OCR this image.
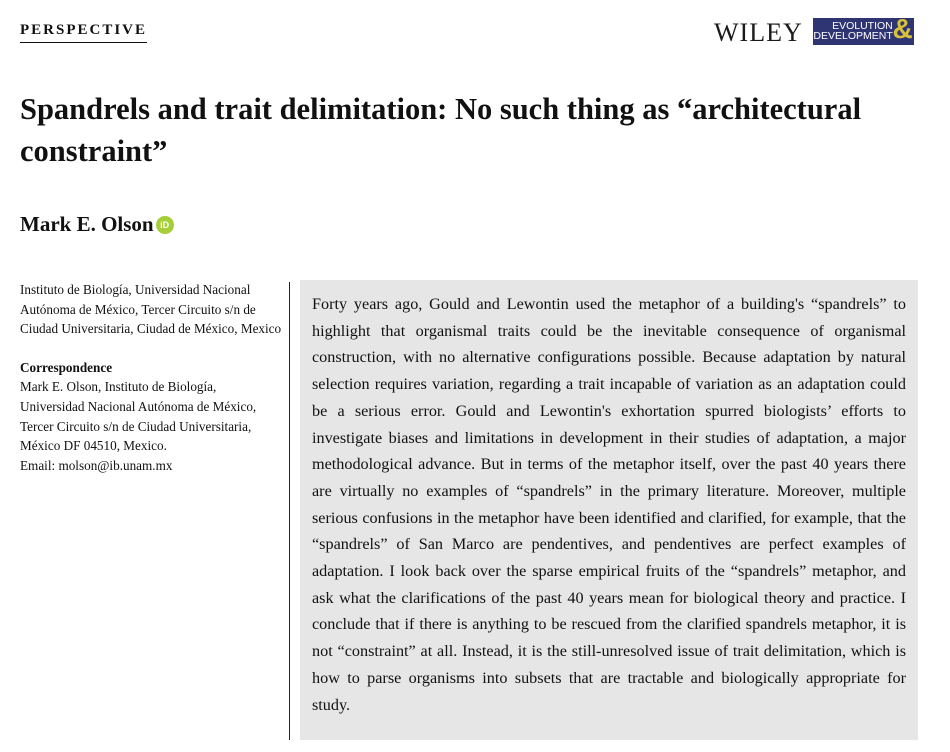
PERSPECTIVE	WILEY	EVOLUTION
DEVELOPMENT &
Spandrels and trait delimitation: No such thing as “architectural constraint”
Mark E. Olson iD

Instituto de Biología, Universidad Nacional Autónoma de México, Tercer Circuito s/n de Ciudad Universitaria, Ciudad de México, Mexico

Correspondence

Mark E. Olson, Instituto de Biología, Universidad Nacional Autónoma de México, Tercer Circuito s/n de Ciudad Universitaria, México DF 04510, Mexico.

Email: molson@ib.unam.mx

Forty years ago, Gould and Lewontin used the metaphor of a building's “spandrels” to highlight that organismal traits could be the inevitable consequence of organismal construction, with no alternative configurations possible. Because adaptation by natural selection requires variation, regarding a trait incapable of variation as an adaptation could be a serious error. Gould and Lewontin's exhortation spurred biologists’ efforts to investigate biases and limitations in development in their studies of adaptation, a major methodological advance. But in terms of the metaphor itself, over the past 40 years there are virtually no examples of “spandrels” in the primary literature. Moreover, multiple serious confusions in the metaphor have been identified and clarified, for example, that the “spandrels” of San Marco are pendentives, and pendentives are perfect examples of adaptation. I look back over the sparse empirical fruits of the “spandrels” metaphor, and ask what the clarifications of the past 40 years mean for biological theory and practice. I conclude that if there is anything to be rescued from the clarified spandrels metaphor, it is not “constraint” at all. Instead, it is the still-unresolved issue of trait delimitation, which is how to parse organisms into subsets that are tractable and biologically appropriate for study.
